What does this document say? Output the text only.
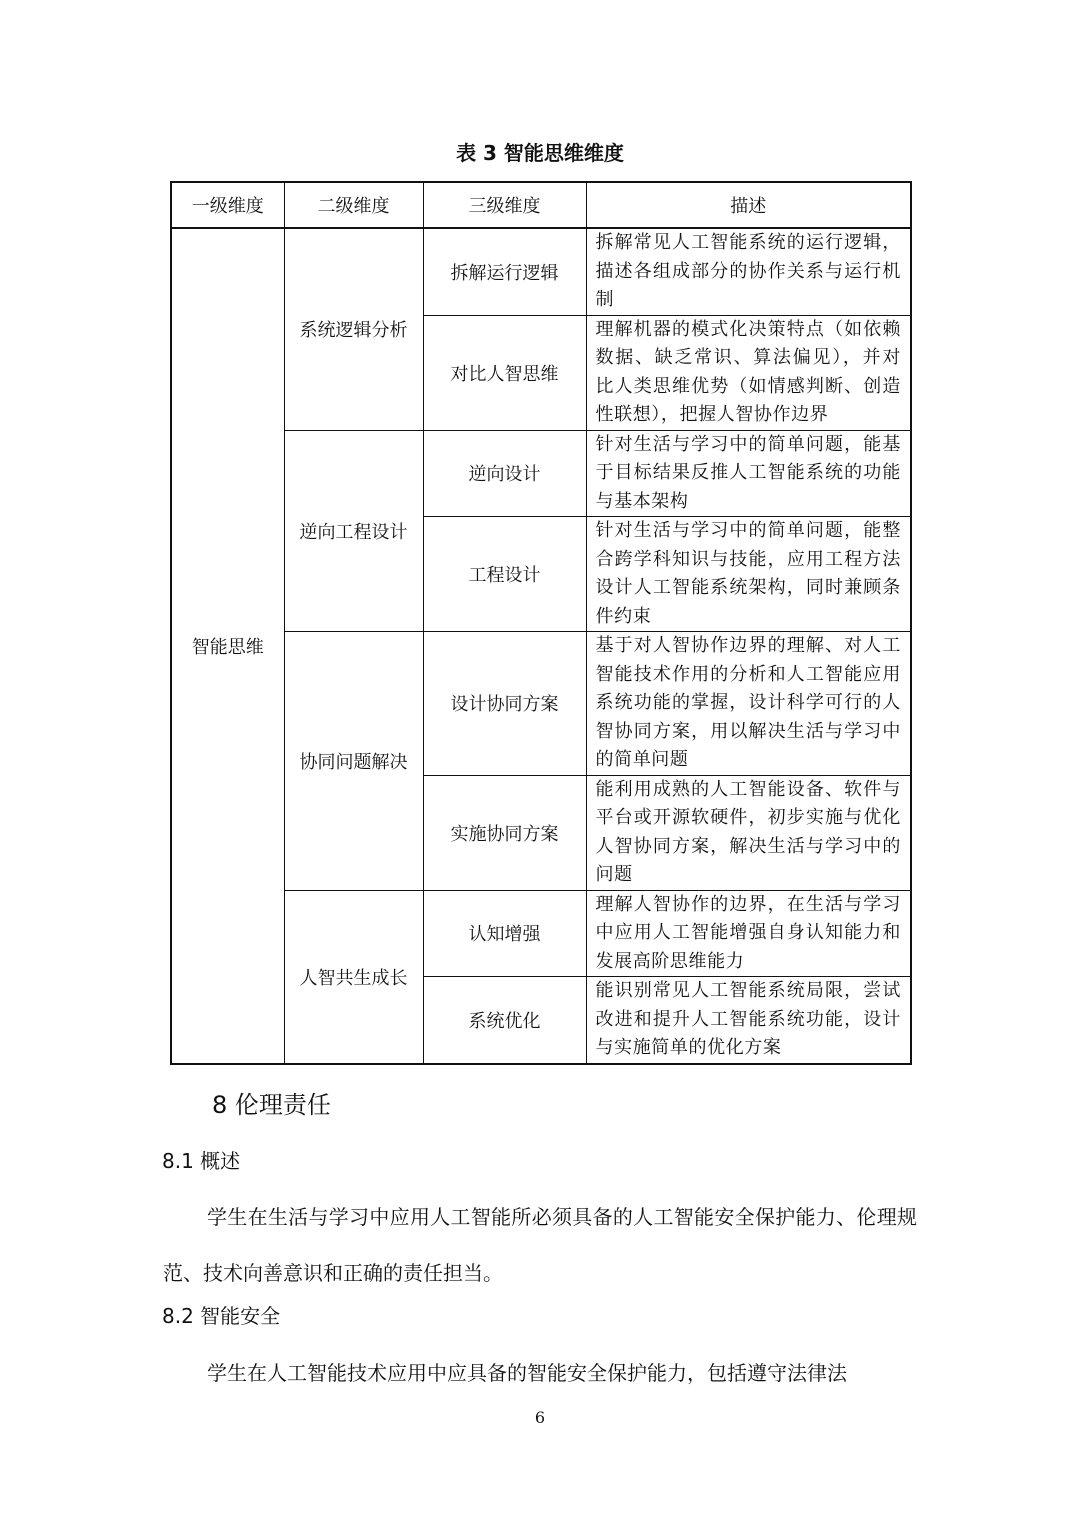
表 3 智能思维维度
一级维度	二级维度	三级维度	描述
智能思维	系统逻辑分析	拆解运行逻辑	拆解常见人工智能系统的运行逻辑，描述各组成部分的协作关系与运行机制
		对比人智思维	理解机器的模式化决策特点（如依赖数据、缺乏常识、算法偏见），并对比人类思维优势（如情感判断、创造性联想），把握人智协作边界
	逆向工程设计	逆向设计	针对生活与学习中的简单问题，能基于目标结果反推人工智能系统的功能与基本架构
		工程设计	针对生活与学习中的简单问题，能整合跨学科知识与技能，应用工程方法设计人工智能系统架构，同时兼顾条件约束
	协同问题解决	设计协同方案	基于对人智协作边界的理解、对人工智能技术作用的分析和人工智能应用系统功能的掌握，设计科学可行的人智协同方案，用以解决生活与学习中的简单问题
		实施协同方案	能利用成熟的人工智能设备、软件与平台或开源软硬件，初步实施与优化人智协同方案，解决生活与学习中的问题
	人智共生成长	认知增强	理解人智协作的边界，在生活与学习中应用人工智能增强自身认知能力和发展高阶思维能力
		系统优化	能识别常见人工智能系统局限，尝试改进和提升人工智能系统功能，设计与实施简单的优化方案
8 伦理责任
8.1 概述
学生在生活与学习中应用人工智能所必须具备的人工智能安全保护能力、伦理规范、技术向善意识和正确的责任担当。
8.2 智能安全
学生在人工智能技术应用中应具备的智能安全保护能力，包括遵守法律法
6
